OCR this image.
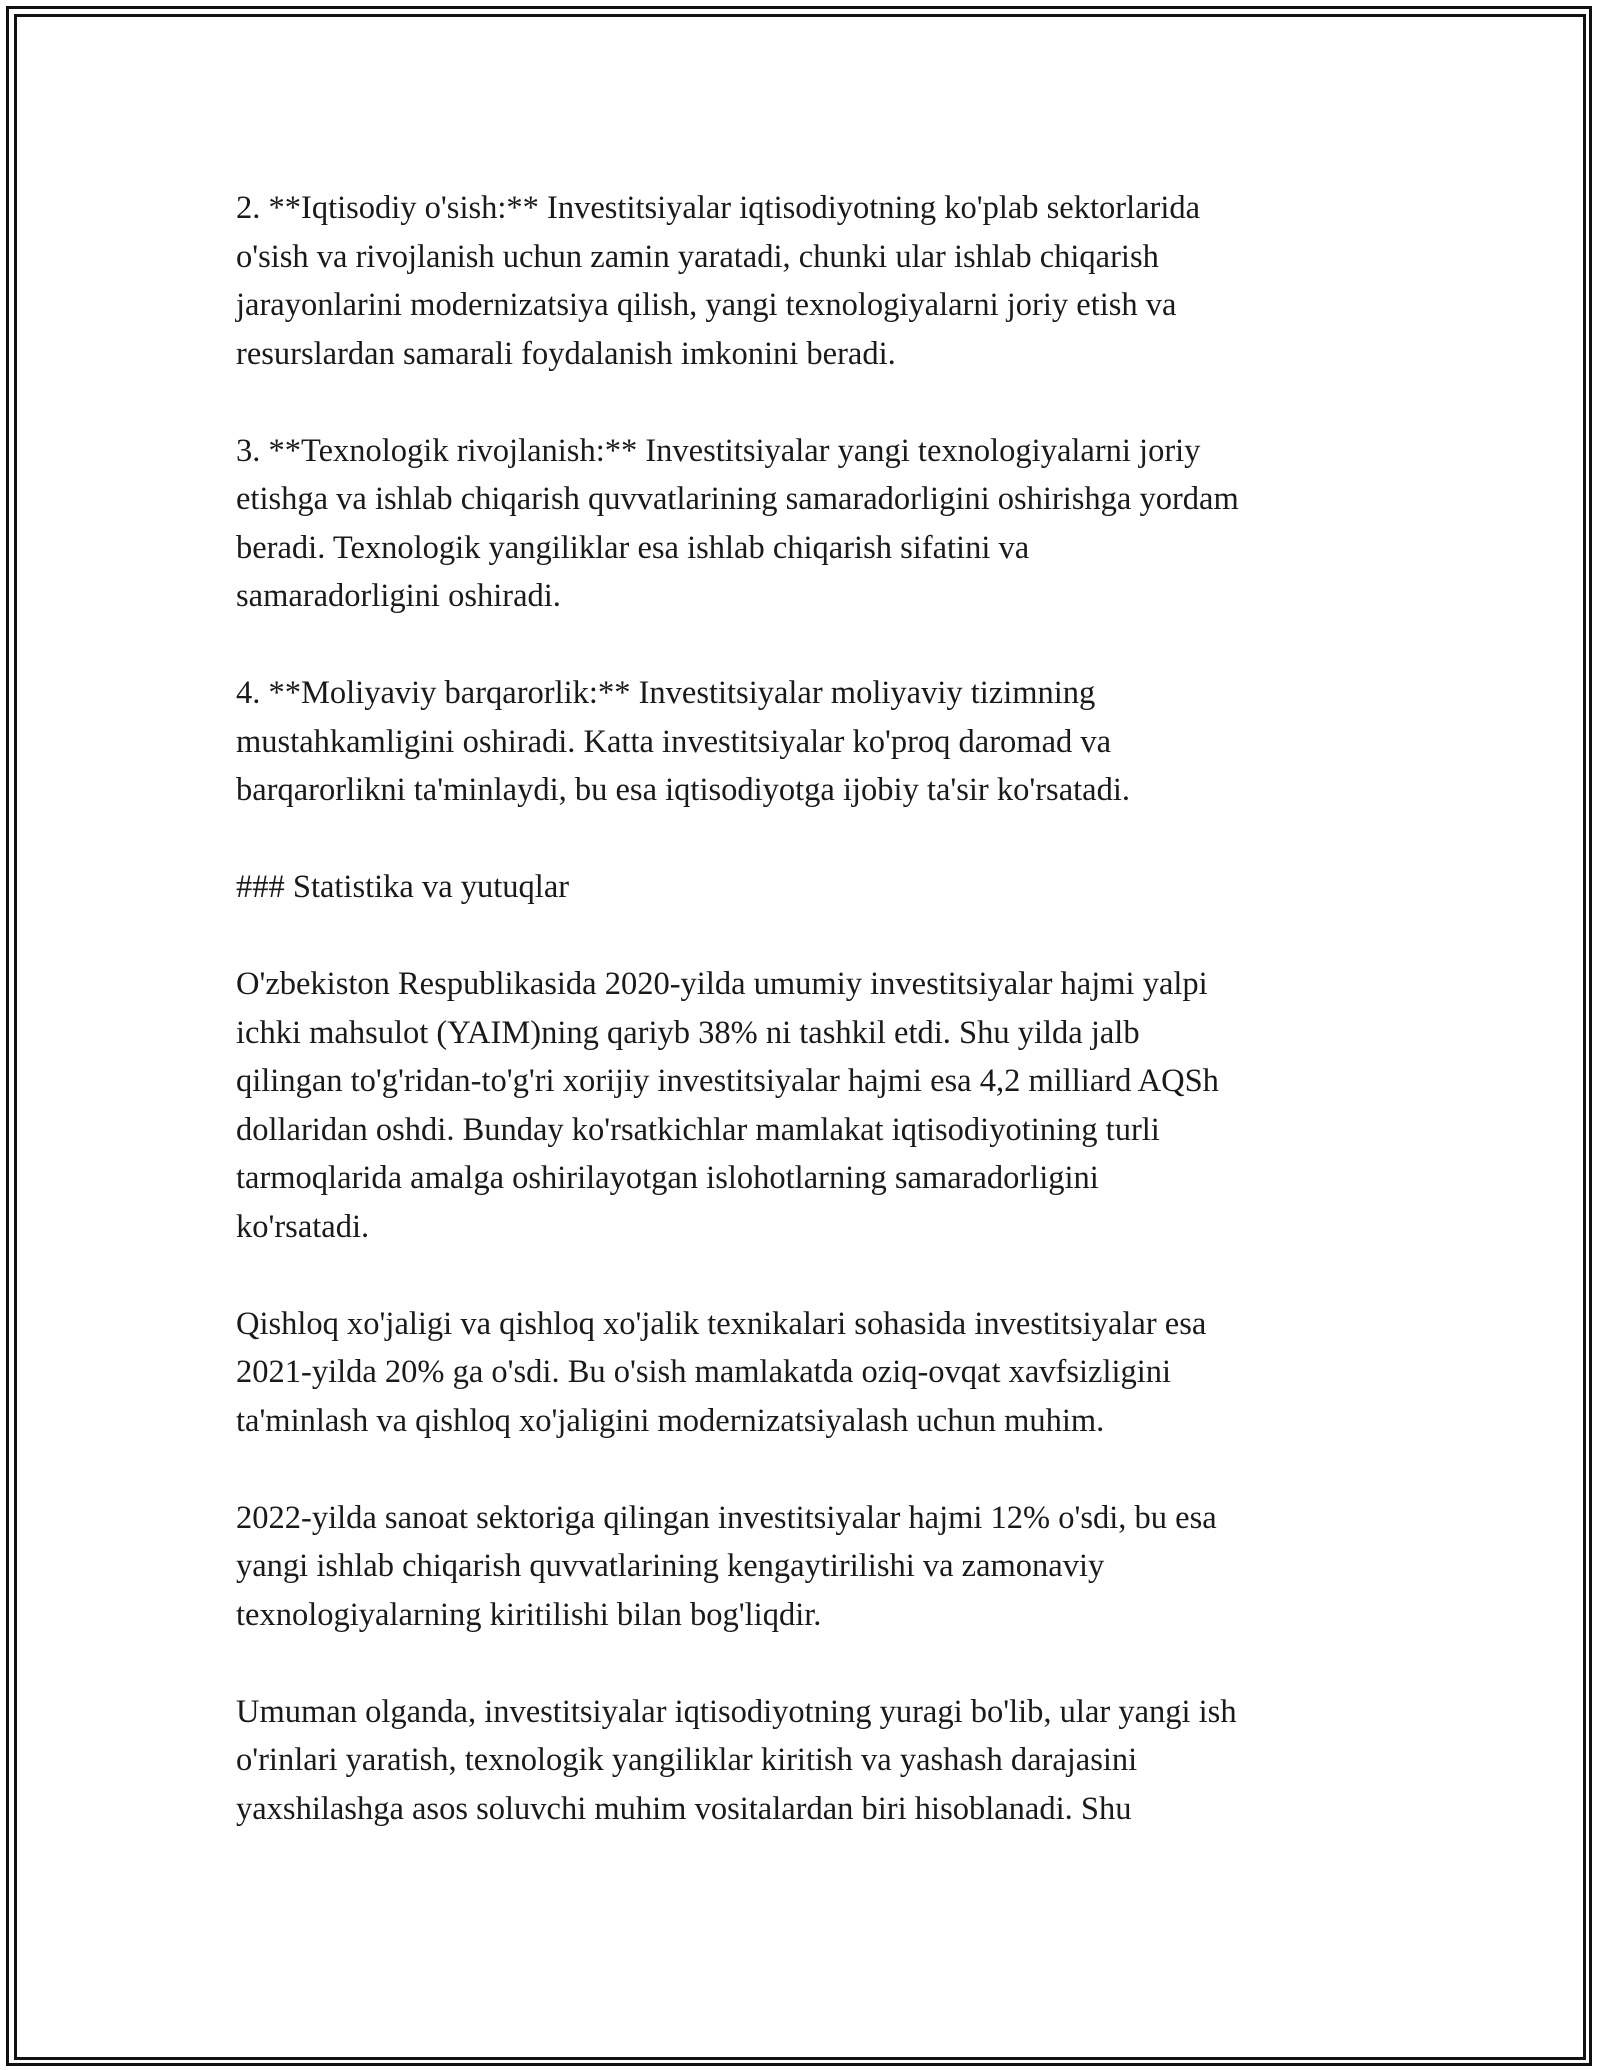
2. **Iqtisodiy o'sish:** Investitsiyalar iqtisodiyotning ko'plab sektorlarida
o'sish va rivojlanish uchun zamin yaratadi, chunki ular ishlab chiqarish
jarayonlarini modernizatsiya qilish, yangi texnologiyalarni joriy etish va
resurslardan samarali foydalanish imkonini beradi.

3. **Texnologik rivojlanish:** Investitsiyalar yangi texnologiyalarni joriy
etishga va ishlab chiqarish quvvatlarining samaradorligini oshirishga yordam
beradi. Texnologik yangiliklar esa ishlab chiqarish sifatini va
samaradorligini oshiradi.

4. **Moliyaviy barqarorlik:** Investitsiyalar moliyaviy tizimning
mustahkamligini oshiradi. Katta investitsiyalar ko'proq daromad va
barqarorlikni ta'minlaydi, bu esa iqtisodiyotga ijobiy ta'sir ko'rsatadi.

### Statistika va yutuqlar

O'zbekiston Respublikasida 2020-yilda umumiy investitsiyalar hajmi yalpi
ichki mahsulot (YAIM)ning qariyb 38% ni tashkil etdi. Shu yilda jalb
qilingan to'g'ridan-to'g'ri xorijiy investitsiyalar hajmi esa 4,2 milliard AQSh
dollaridan oshdi. Bunday ko'rsatkichlar mamlakat iqtisodiyotining turli
tarmoqlarida amalga oshirilayotgan islohotlarning samaradorligini
ko'rsatadi.

Qishloq xo'jaligi va qishloq xo'jalik texnikalari sohasida investitsiyalar esa
2021-yilda 20% ga o'sdi. Bu o'sish mamlakatda oziq-ovqat xavfsizligini
ta'minlash va qishloq xo'jaligini modernizatsiyalash uchun muhim.

2022-yilda sanoat sektoriga qilingan investitsiyalar hajmi 12% o'sdi, bu esa
yangi ishlab chiqarish quvvatlarining kengaytirilishi va zamonaviy
texnologiyalarning kiritilishi bilan bog'liqdir.

Umuman olganda, investitsiyalar iqtisodiyotning yuragi bo'lib, ular yangi ish
o'rinlari yaratish, texnologik yangiliklar kiritish va yashash darajasini
yaxshilashga asos soluvchi muhim vositalardan biri hisoblanadi. Shu
